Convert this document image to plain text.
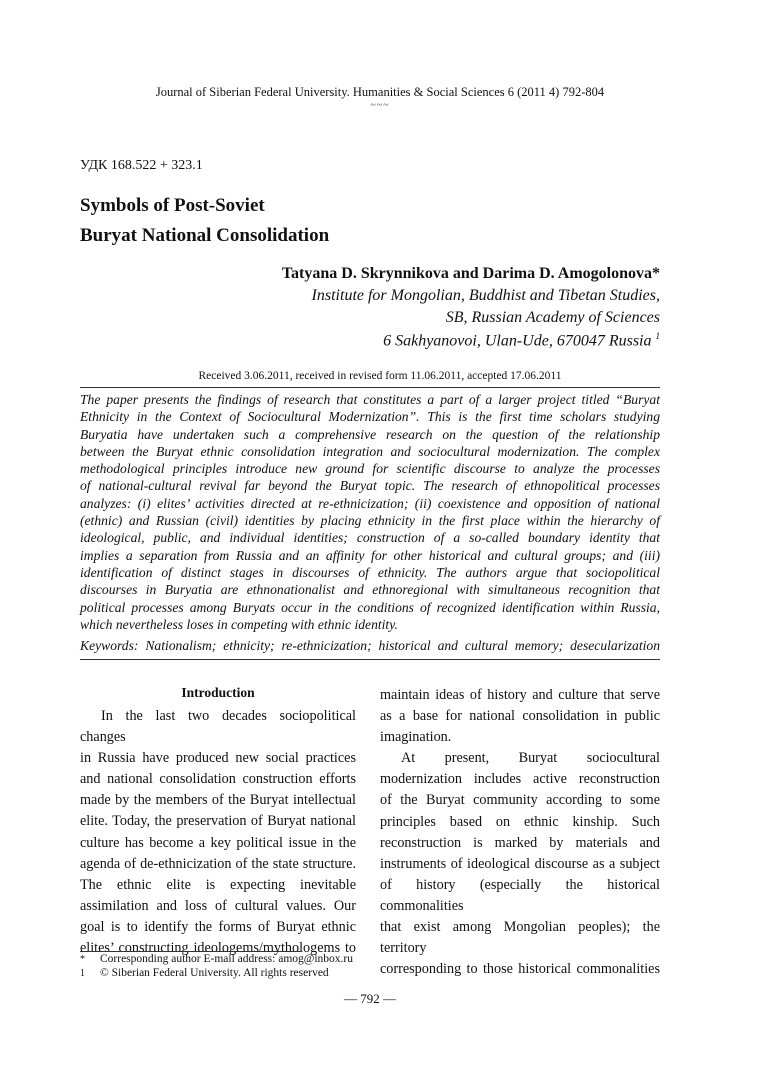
Journal of Siberian Federal University. Humanities & Social Sciences 6 (2011 4) 792-804
~~~
УДК 168.522 + 323.1
Symbols of Post-Soviet
Buryat National Consolidation
Tatyana D. Skrynnikova and Darima D. Amogolonova*
Institute for Mongolian, Buddhist and Tibetan Studies,
SB, Russian Academy of Sciences
6 Sakhyanovoi, Ulan-Ude, 670047 Russia $^1$
Received 3.06.2011, received in revised form 11.06.2011, accepted 17.06.2011
The paper presents the findings of research that constitutes a part of a larger project titled “Buryat
Ethnicity in the Context of Sociocultural Modernization”. This is the first time scholars studying
Buryatia have undertaken such a comprehensive research on the question of the relationship
between the Buryat ethnic consolidation integration and sociocultural modernization. The complex
methodological principles introduce new ground for scientific discourse to analyze the processes
of national-cultural revival far beyond the Buryat topic. The research of ethnopolitical processes
analyzes: (i) elites’ activities directed at re-ethnicization; (ii) coexistence and opposition of national
(ethnic) and Russian (civil) identities by placing ethnicity in the first place within the hierarchy of
ideological, public, and individual identities; construction of a so-called boundary identity that
implies a separation from Russia and an affinity for other historical and cultural groups; and (iii)
identification of distinct stages in discourses of ethnicity. The authors argue that sociopolitical
discourses in Buryatia are ethnonationalist and ethnoregional with simultaneous recognition that
political processes among Buryats occur in the conditions of recognized identification within Russia,
which nevertheless loses in competing with ethnic identity.
Keywords: Nationalism; ethnicity; re-ethnicization; historical and cultural memory; desecularization
Introduction
In the last two decades sociopolitical changes
in Russia have produced new social practices
and national consolidation construction efforts
made by the members of the Buryat intellectual
elite. Today, the preservation of Buryat national
culture has become a key political issue in the
agenda of de-ethnicization of the state structure.
The ethnic elite is expecting inevitable
assimilation and loss of cultural values. Our
goal is to identify the forms of Buryat ethnic
elites’ constructing ideologems/mythologems to
maintain ideas of history and culture that serve
as a base for national consolidation in public
imagination.
At present, Buryat sociocultural
modernization includes active reconstruction
of the Buryat community according to some
principles based on ethnic kinship. Such
reconstruction is marked by materials and
instruments of ideological discourse as a subject
of history (especially the historical commonalities
that exist among Mongolian peoples); the territory
corresponding to those historical commonalities
* Corresponding author E-mail address: amog@inbox.ru
1 © Siberian Federal University. All rights reserved
— 792 —
